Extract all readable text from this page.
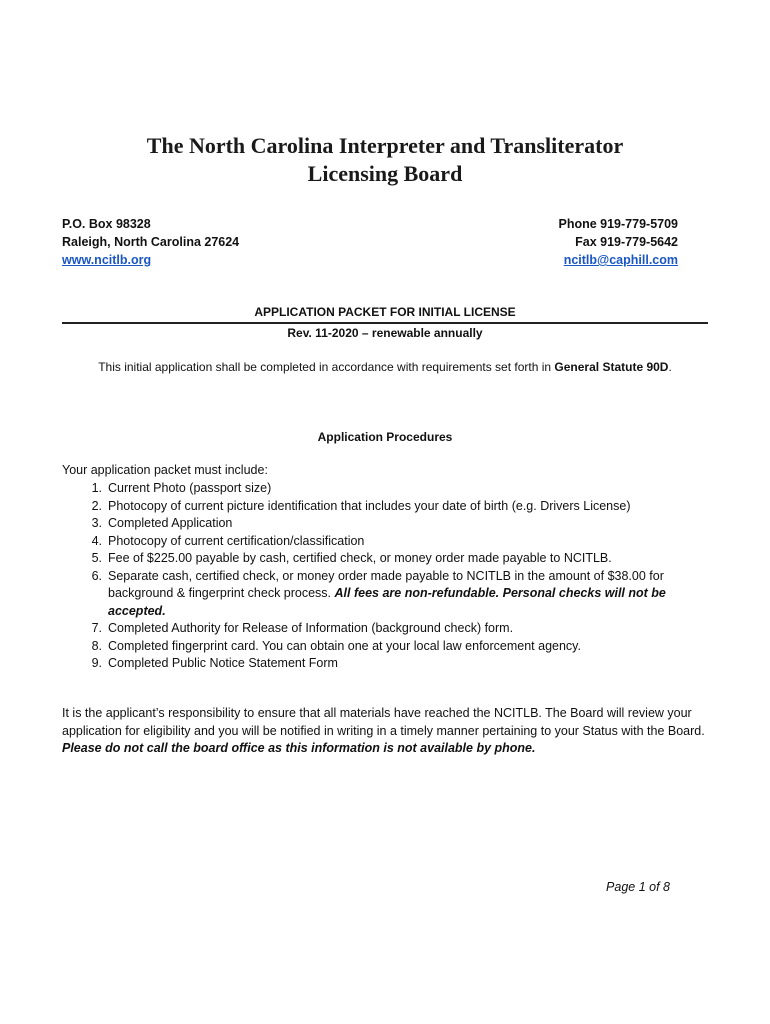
The North Carolina Interpreter and Transliterator
Licensing Board
P.O. Box 98328
Raleigh, North Carolina 27624
www.ncitlb.org
Phone 919-779-5709
Fax 919-779-5642
ncitlb@caphill.com
APPLICATION PACKET FOR INITIAL LICENSE
Rev. 11-2020 – renewable annually
This initial application shall be completed in accordance with requirements set forth in General Statute 90D.
Application Procedures
Your application packet must include:
1. Current Photo (passport size)
2. Photocopy of current picture identification that includes your date of birth (e.g. Drivers License)
3. Completed Application
4. Photocopy of current certification/classification
5. Fee of $225.00 payable by cash, certified check, or money order made payable to NCITLB.
6. Separate cash, certified check, or money order made payable to NCITLB in the amount of $38.00 for background & fingerprint check process. All fees are non-refundable. Personal checks will not be accepted.
7. Completed Authority for Release of Information (background check) form.
8. Completed fingerprint card. You can obtain one at your local law enforcement agency.
9. Completed Public Notice Statement Form
It is the applicant’s responsibility to ensure that all materials have reached the NCITLB. The Board will review your application for eligibility and you will be notified in writing in a timely manner pertaining to your Status with the Board.
Please do not call the board office as this information is not available by phone.
Page 1 of 8
